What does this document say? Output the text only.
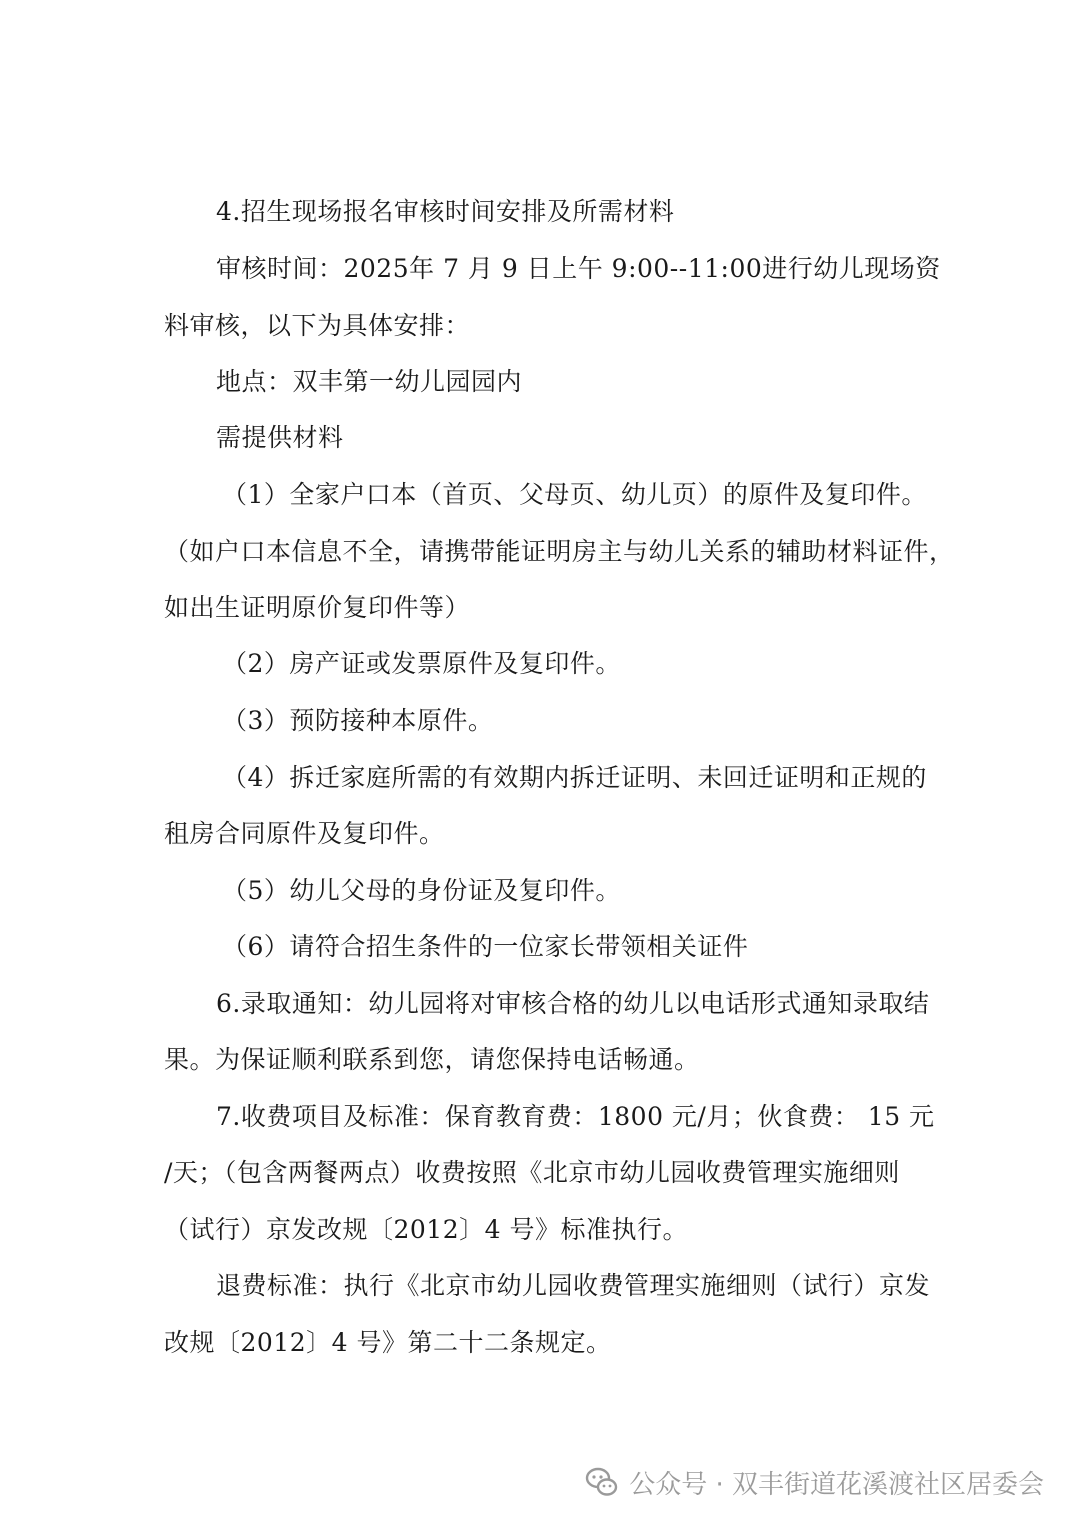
4.招生现场报名审核时间安排及所需材料
审核时间：2025年 7 月 9 日上午 9:00--11:00进行幼儿现场资
料审核，以下为具体安排：
地点：双丰第一幼儿园园内
需提供材料
（1）全家户口本（首页、父母页、幼儿页）的原件及复印件。
（如户口本信息不全，请携带能证明房主与幼儿关系的辅助材料证件，
如出生证明原价复印件等）
（2）房产证或发票原件及复印件。
（3）预防接种本原件。
（4）拆迁家庭所需的有效期内拆迁证明、未回迁证明和正规的
租房合同原件及复印件。
（5）幼儿父母的身份证及复印件。
（6）请符合招生条件的一位家长带领相关证件
6.录取通知：幼儿园将对审核合格的幼儿以电话形式通知录取结
果。为保证顺利联系到您，请您保持电话畅通。
7.收费项目及标准：保育教育费：1800 元/月；伙食费： 15 元
/天；（包含两餐两点）收费按照《北京市幼儿园收费管理实施细则
（试行）京发改规〔2012〕4 号》标准执行。
退费标准：执行《北京市幼儿园收费管理实施细则（试行）京发
改规〔2012〕4 号》第二十二条规定。
公众号 · 双丰街道花溪渡社区居委会
